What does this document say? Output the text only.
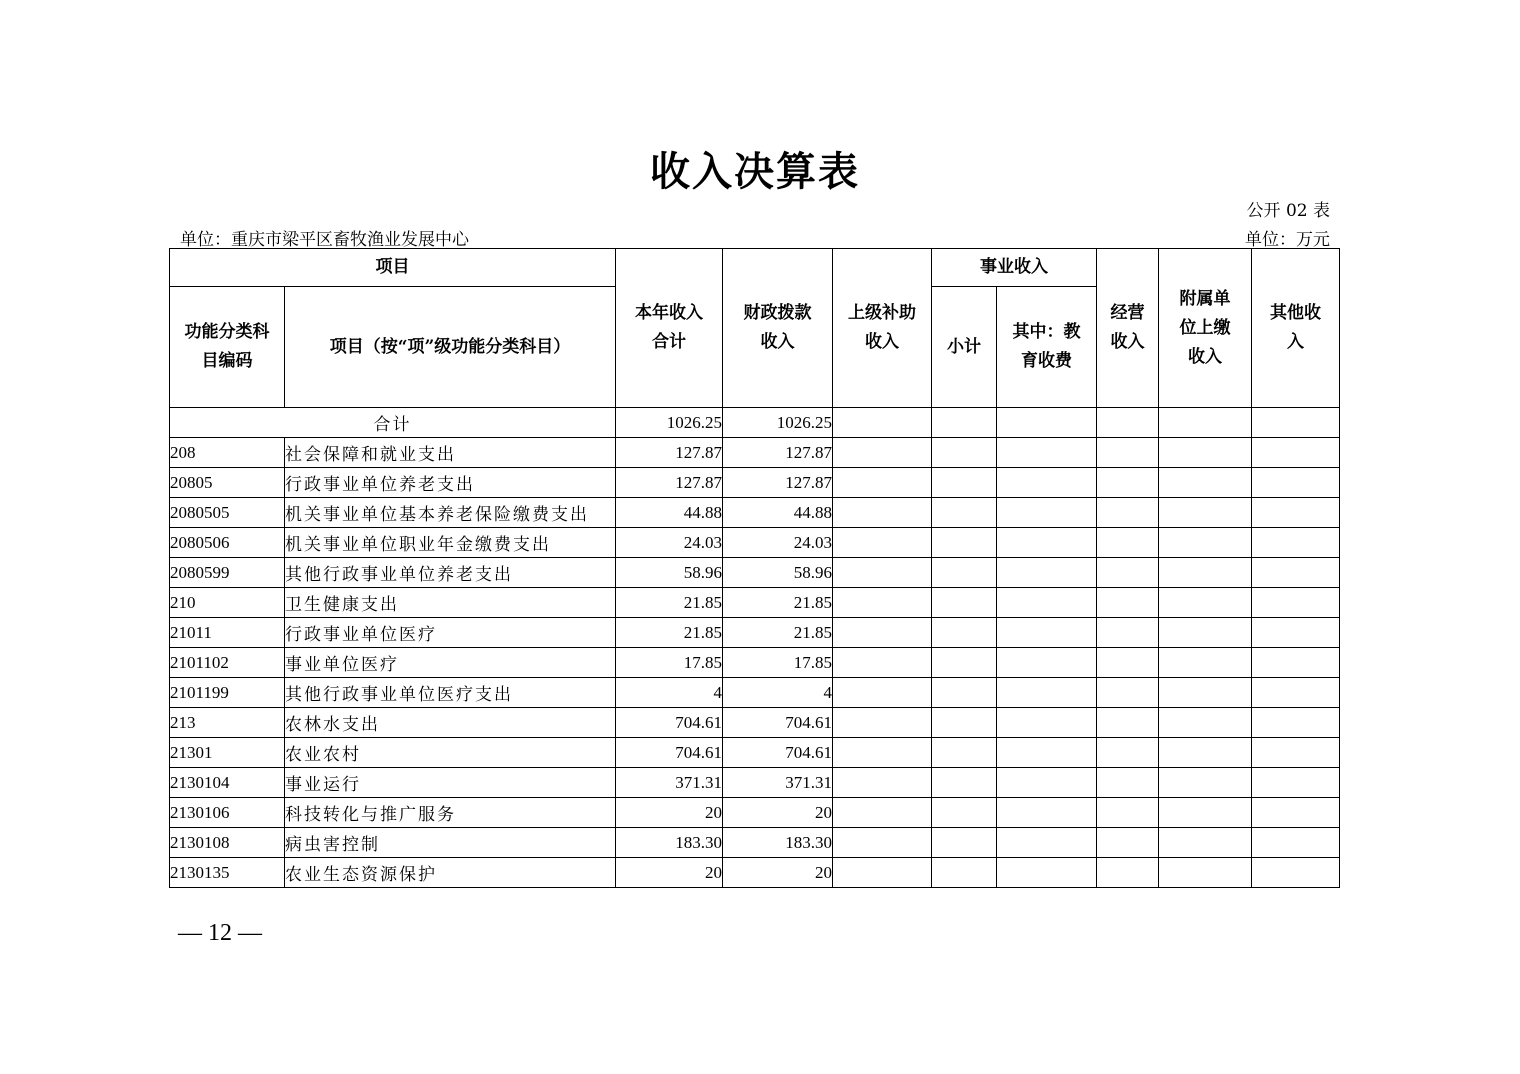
收入决算表
公开 02 表
单位：重庆市梁平区畜牧渔业发展中心	单位：万元
项目		本年收入合计	财政拨款收入	上级补助收入	事业收入		经营收入	附属单位上缴收入	其他收入

功能分类科目编码	项目（按“项”级功能分类科目）				小计	其中：教育收费			

合计		1026.25	1026.25						
208	社会保障和就业支出	127.87	127.87						
20805	行政事业单位养老支出	127.87	127.87						
2080505	机关事业单位基本养老保险缴费支出	44.88	44.88						
2080506	机关事业单位职业年金缴费支出	24.03	24.03						
2080599	其他行政事业单位养老支出	58.96	58.96						
210	卫生健康支出	21.85	21.85						
21011	行政事业单位医疗	21.85	21.85						
2101102	事业单位医疗	17.85	17.85						
2101199	其他行政事业单位医疗支出	4	4						
213	农林水支出	704.61	704.61						
21301	农业农村	704.61	704.61						
2130104	事业运行	371.31	371.31						
2130106	科技转化与推广服务	20	20						
2130108	病虫害控制	183.30	183.30						
2130135	农业生态资源保护	20	20						
— 12 —
